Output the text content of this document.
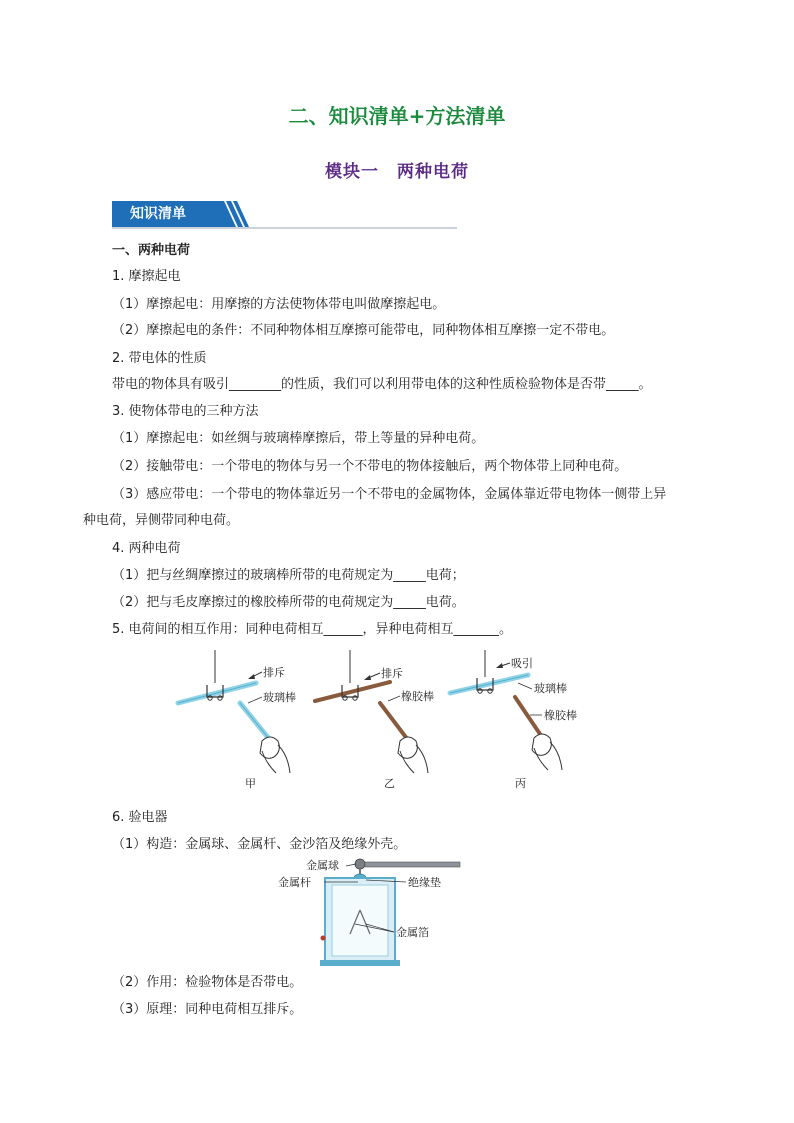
二、知识清单+方法清单
模块一　两种电荷
知识清单
一、两种电荷
1. 摩擦起电
（1）摩擦起电：用摩擦的方法使物体带电叫做摩擦起电。
（2）摩擦起电的条件：不同种物体相互摩擦可能带电，同种物体相互摩擦一定不带电。
2. 带电体的性质
带电的物体具有吸引________的性质，我们可以利用带电体的这种性质检验物体是否带_____。
3. 使物体带电的三种方法
（1）摩擦起电：如丝绸与玻璃棒摩擦后，带上等量的异种电荷。
（2）接触带电：一个带电的物体与另一个不带电的物体接触后，两个物体带上同种电荷。
（3）感应带电：一个带电的物体靠近另一个不带电的金属物体，金属体靠近带电物体一侧带上异
种电荷，异侧带同种电荷。
4. 两种电荷
（1）把与丝绸摩擦过的玻璃棒所带的电荷规定为_____电荷；
（2）把与毛皮摩擦过的橡胶棒所带的电荷规定为_____电荷。
5. 电荷间的相互作用：同种电荷相互______，异种电荷相互_______。
排斥
玻璃棒
甲
排斥
橡胶棒
乙
吸引
玻璃棒
橡胶棒
丙
6. 验电器
（1）构造：金属球、金属杆、金沙箔及绝缘外壳。
金属球
金属杆	绝缘垫
金属箔
（2）作用：检验物体是否带电。
（3）原理：同种电荷相互排斥。
